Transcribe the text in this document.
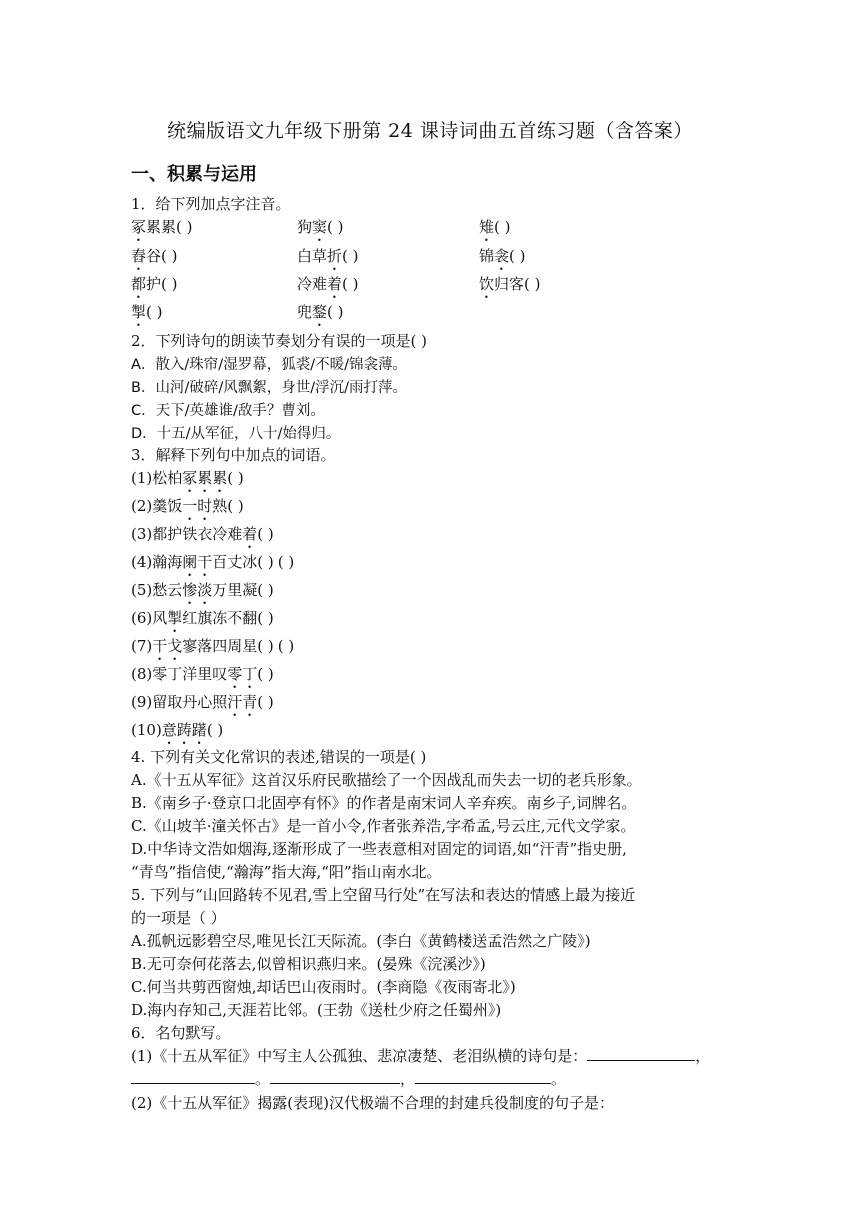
统编版语文九年级下册第 24 课诗词曲五首练习题（含答案）
一、积累与运用
1．给下列加点字注音。
冢累累( )	狗窦( )	雉( )
舂谷( )	白草折( )	锦衾( )
都护( )	冷难着( )	饮归客( )
掣( )	兜鍪( )
2．下列诗句的朗读节奏划分有误的一项是( )
A．散入/珠帘/湿罗幕，狐裘/不暖/锦衾薄。
B．山河/破碎/风飘絮，身世/浮沉/雨打萍。
C．天下/英雄谁/敌手？曹刘。
D．十五/从军征，八十/始得归。
3．解释下列句中加点的词语。
(1)松柏冢累累( )
(2)羹饭一时熟( )
(3)都护铁衣冷难着( )
(4)瀚海阑干百丈冰( ) ( )
(5)愁云惨淡万里凝( )
(6)风掣红旗冻不翻( )
(7)干戈寥落四周星( ) ( )
(8)零丁洋里叹零丁( )
(9)留取丹心照汗青( )
(10)意踌躇( )
4. 下列有关文化常识的表述,错误的一项是( )
A.《十五从军征》这首汉乐府民歌描绘了一个因战乱而失去一切的老兵形象。
B.《南乡子·登京口北固亭有怀》的作者是南宋词人辛弃疾。南乡子,词牌名。
C.《山坡羊·潼关怀古》是一首小令,作者张养浩,字希孟,号云庄,元代文学家。
D.中华诗文浩如烟海,逐渐形成了一些表意相对固定的词语,如“汗青”指史册,
“青鸟”指信使,“瀚海”指大海,“阳”指山南水北。
5. 下列与“山回路转不见君,雪上空留马行处”在写法和表达的情感上最为接近
的一项是（ ）
A.孤帆远影碧空尽,唯见长江天际流。(李白《黄鹤楼送孟浩然之广陵》)
B.无可奈何花落去,似曾相识燕归来。(晏殊《浣溪沙》)
C.何当共剪西窗烛,却话巴山夜雨时。(李商隐《夜雨寄北》)
D.海内存知己,天涯若比邻。(王勃《送杜少府之任蜀州》)
6．名句默写。
(1)《十五从军征》中写主人公孤独、悲凉凄楚、老泪纵横的诗句是：	，
。	，	。
(2)《十五从军征》揭露(表现)汉代极端不合理的封建兵役制度的句子是：
